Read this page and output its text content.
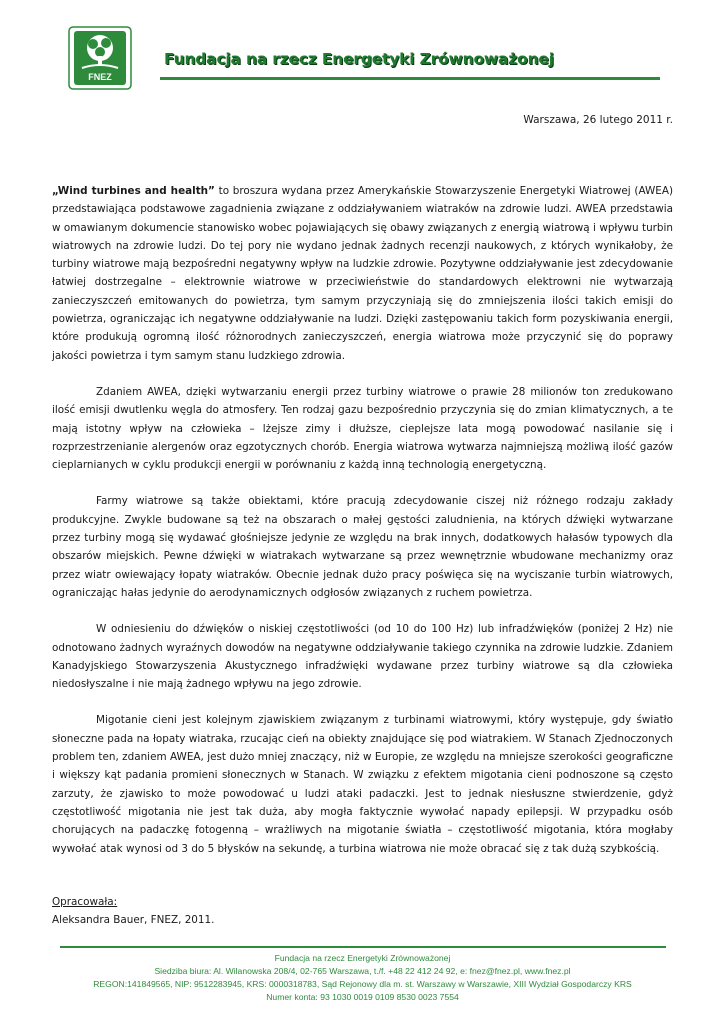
FNEZ
Fundacja na rzecz Energetyki Zrównoważonej
Warszawa, 26 lutego 2011 r.

„Wind turbines and health” to broszura wydana przez Amerykańskie Stowarzyszenie Energetyki Wiatrowej (AWEA) przedstawiająca podstawowe zagadnienia związane z oddziaływaniem wiatraków na zdrowie ludzi. AWEA przedstawia w omawianym dokumencie stanowisko wobec pojawiających się obawy związanych z energią wiatrową i wpływu turbin wiatrowych na zdrowie ludzi. Do tej pory nie wydano jednak żadnych recenzji naukowych, z których wynikałoby, że turbiny wiatrowe mają bezpośredni negatywny wpływ na ludzkie zdrowie. Pozytywne oddziaływanie jest zdecydowanie łatwiej dostrzegalne – elektrownie wiatrowe w przeciwieństwie do standardowych elektrowni nie wytwarzają zanieczyszczeń emitowanych do powietrza, tym samym przyczyniają się do zmniejszenia ilości takich emisji do powietrza, ograniczając ich negatywne oddziaływanie na ludzi. Dzięki zastępowaniu takich form pozyskiwania energii, które produkują ogromną ilość różnorodnych zanieczyszczeń, energia wiatrowa może przyczynić się do poprawy jakości powietrza i tym samym stanu ludzkiego zdrowia.

Zdaniem AWEA, dzięki wytwarzaniu energii przez turbiny wiatrowe o prawie 28 milionów ton zredukowano ilość emisji dwutlenku węgla do atmosfery. Ten rodzaj gazu bezpośrednio przyczynia się do zmian klimatycznych, a te mają istotny wpływ na człowieka – lżejsze zimy i dłuższe, cieplejsze lata mogą powodować nasilanie się i rozprzestrzenianie alergenów oraz egzotycznych chorób. Energia wiatrowa wytwarza najmniejszą możliwą ilość gazów cieplarnianych w cyklu produkcji energii w porównaniu z każdą inną technologią energetyczną.

Farmy wiatrowe są także obiektami, które pracują zdecydowanie ciszej niż różnego rodzaju zakłady produkcyjne. Zwykle budowane są też na obszarach o małej gęstości zaludnienia, na których dźwięki wytwarzane przez turbiny mogą się wydawać głośniejsze jedynie ze względu na brak innych, dodatkowych hałasów typowych dla obszarów miejskich. Pewne dźwięki w wiatrakach wytwarzane są przez wewnętrznie wbudowane mechanizmy oraz przez wiatr owiewający łopaty wiatraków. Obecnie jednak dużo pracy poświęca się na wyciszanie turbin wiatrowych, ograniczając hałas jedynie do aerodynamicznych odgłosów związanych z ruchem powietrza.

W odniesieniu do dźwięków o niskiej częstotliwości (od 10 do 100 Hz) lub infradźwięków (poniżej 2 Hz) nie odnotowano żadnych wyraźnych dowodów na negatywne oddziaływanie takiego czynnika na zdrowie ludzkie. Zdaniem Kanadyjskiego Stowarzyszenia Akustycznego infradźwięki wydawane przez turbiny wiatrowe są dla człowieka niedosłyszalne i nie mają żadnego wpływu na jego zdrowie.

Migotanie cieni jest kolejnym zjawiskiem związanym z turbinami wiatrowymi, który występuje, gdy światło słoneczne pada na łopaty wiatraka, rzucając cień na obiekty znajdujące się pod wiatrakiem. W Stanach Zjednoczonych problem ten, zdaniem AWEA, jest dużo mniej znaczący, niż w Europie, ze względu na mniejsze szerokości geograficzne i większy kąt padania promieni słonecznych w Stanach. W związku z efektem migotania cieni podnoszone są często zarzuty, że zjawisko to może powodować u ludzi ataki padaczki. Jest to jednak niesłuszne stwierdzenie, gdyż częstotliwość migotania nie jest tak duża, aby mogła faktycznie wywołać napady epilepsji. W przypadku osób chorujących na padaczkę fotogenną – wrażliwych na migotanie światła – częstotliwość migotania, która mogłaby wywołać atak wynosi od 3 do 5 błysków na sekundę, a turbina wiatrowa nie może obracać się z tak dużą szybkością.

Opracowała:
Aleksandra Bauer, FNEZ, 2011.
Fundacja na rzecz Energetyki Zrównoważonej
Siedziba biura: Al. Wilanowska 208/4, 02-765 Warszawa, t./f. +48 22 412 24 92, e: fnez@fnez.pl, www.fnez.pl
REGON:141849565, NIP: 9512283945, KRS: 0000318783, Sąd Rejonowy dla m. st. Warszawy w Warszawie, XIII Wydział Gospodarczy KRS
Numer konta: 93 1030 0019 0109 8530 0023 7554
